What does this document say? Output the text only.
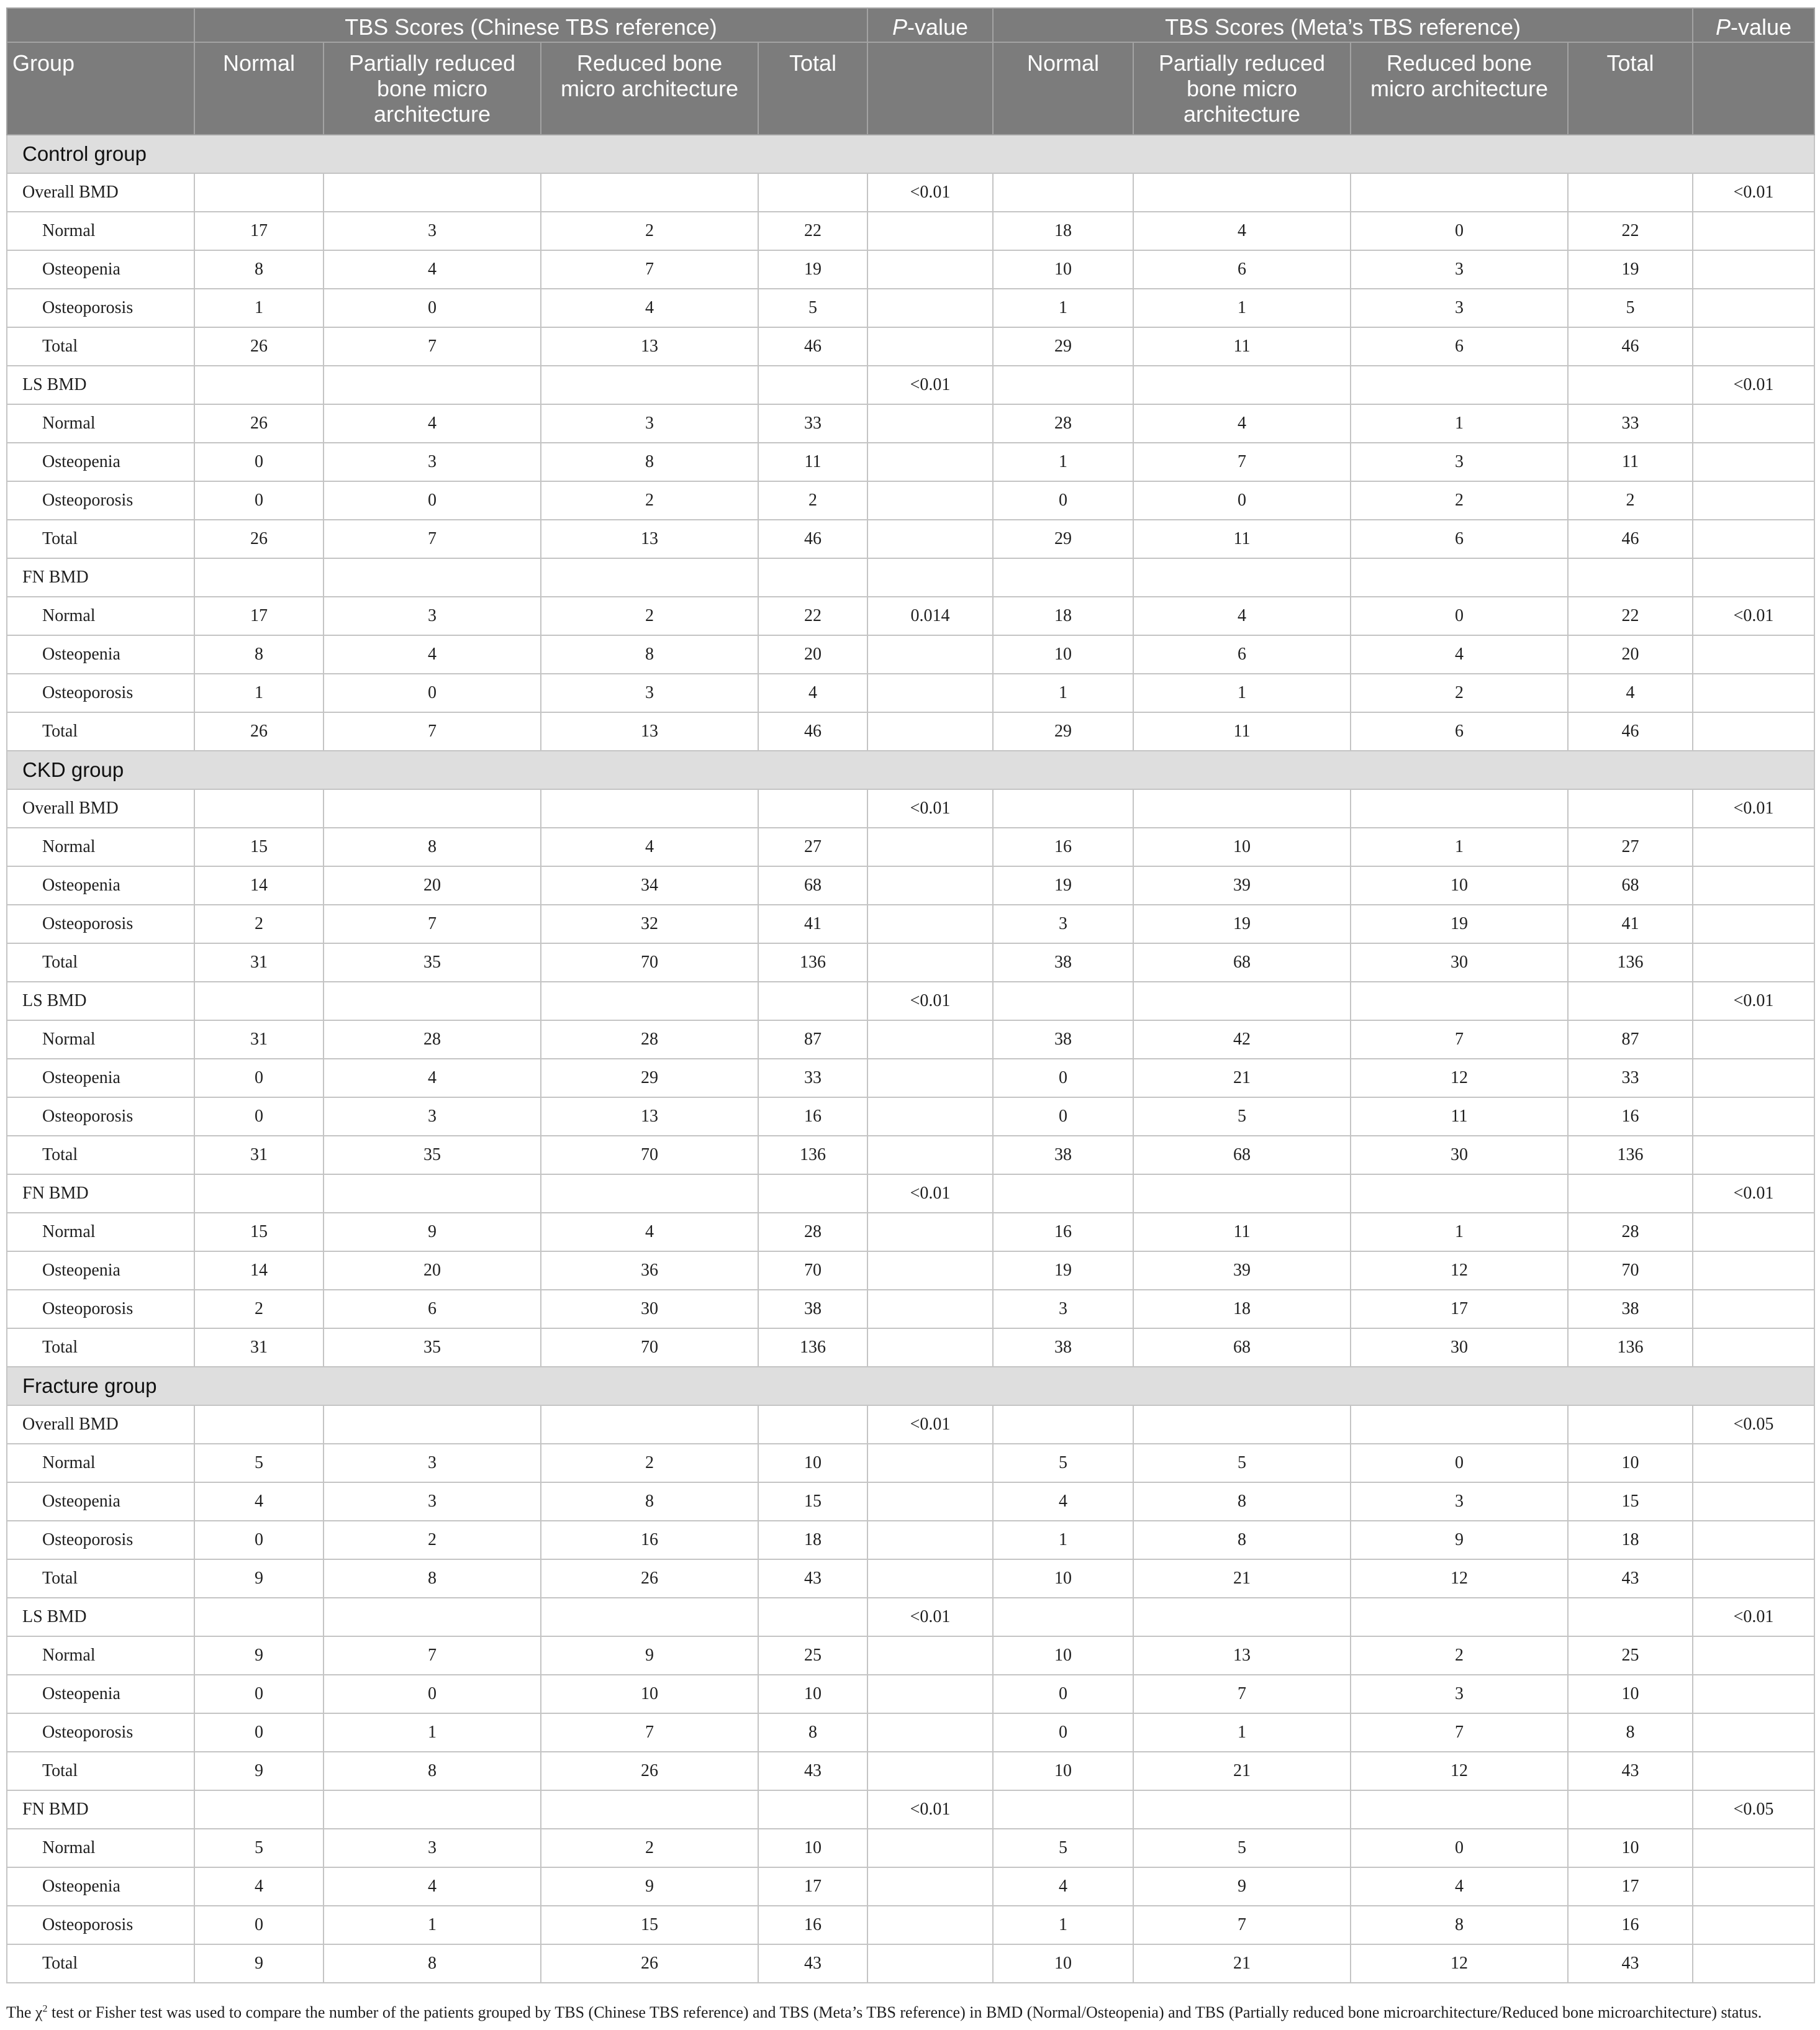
	TBS Scores (Chinese TBS reference)				P-value	TBS Scores (Meta’s TBS reference)				P-value
Group	Normal	Partially reduced bone micro architecture	Reduced bone micro architecture	Total		Normal	Partially reduced bone micro architecture	Reduced bone micro architecture	Total	
Control group										
Overall BMD					<0.01					<0.01
Normal	17	3	2	22		18	4	0	22	
Osteopenia	8	4	7	19		10	6	3	19	
Osteoporosis	1	0	4	5		1	1	3	5	
Total	26	7	13	46		29	11	6	46	
LS BMD					<0.01					<0.01
Normal	26	4	3	33		28	4	1	33	
Osteopenia	0	3	8	11		1	7	3	11	
Osteoporosis	0	0	2	2		0	0	2	2	
Total	26	7	13	46		29	11	6	46	
FN BMD										
Normal	17	3	2	22	0.014	18	4	0	22	<0.01
Osteopenia	8	4	8	20		10	6	4	20	
Osteoporosis	1	0	3	4		1	1	2	4	
Total	26	7	13	46		29	11	6	46	
CKD group										
Overall BMD					<0.01					<0.01
Normal	15	8	4	27		16	10	1	27	
Osteopenia	14	20	34	68		19	39	10	68	
Osteoporosis	2	7	32	41		3	19	19	41	
Total	31	35	70	136		38	68	30	136	
LS BMD					<0.01					<0.01
Normal	31	28	28	87		38	42	7	87	
Osteopenia	0	4	29	33		0	21	12	33	
Osteoporosis	0	3	13	16		0	5	11	16	
Total	31	35	70	136		38	68	30	136	
FN BMD					<0.01					<0.01
Normal	15	9	4	28		16	11	1	28	
Osteopenia	14	20	36	70		19	39	12	70	
Osteoporosis	2	6	30	38		3	18	17	38	
Total	31	35	70	136		38	68	30	136	
Fracture group										
Overall BMD					<0.01					<0.05
Normal	5	3	2	10		5	5	0	10	
Osteopenia	4	3	8	15		4	8	3	15	
Osteoporosis	0	2	16	18		1	8	9	18	
Total	9	8	26	43		10	21	12	43	
LS BMD					<0.01					<0.01
Normal	9	7	9	25		10	13	2	25	
Osteopenia	0	0	10	10		0	7	3	10	
Osteoporosis	0	1	7	8		0	1	7	8	
Total	9	8	26	43		10	21	12	43	
FN BMD					<0.01					<0.05
Normal	5	3	2	10		5	5	0	10	
Osteopenia	4	4	9	17		4	9	4	17	
Osteoporosis	0	1	15	16		1	7	8	16	
Total	9	8	26	43		10	21	12	43	
The $\chi^2$ test or Fisher test was used to compare the number of the patients grouped by TBS (Chinese TBS reference) and TBS (Meta’s TBS reference) in BMD (Normal/Osteopenia) and TBS (Partially reduced bone microarchitecture/Reduced bone microarchitecture) status.
